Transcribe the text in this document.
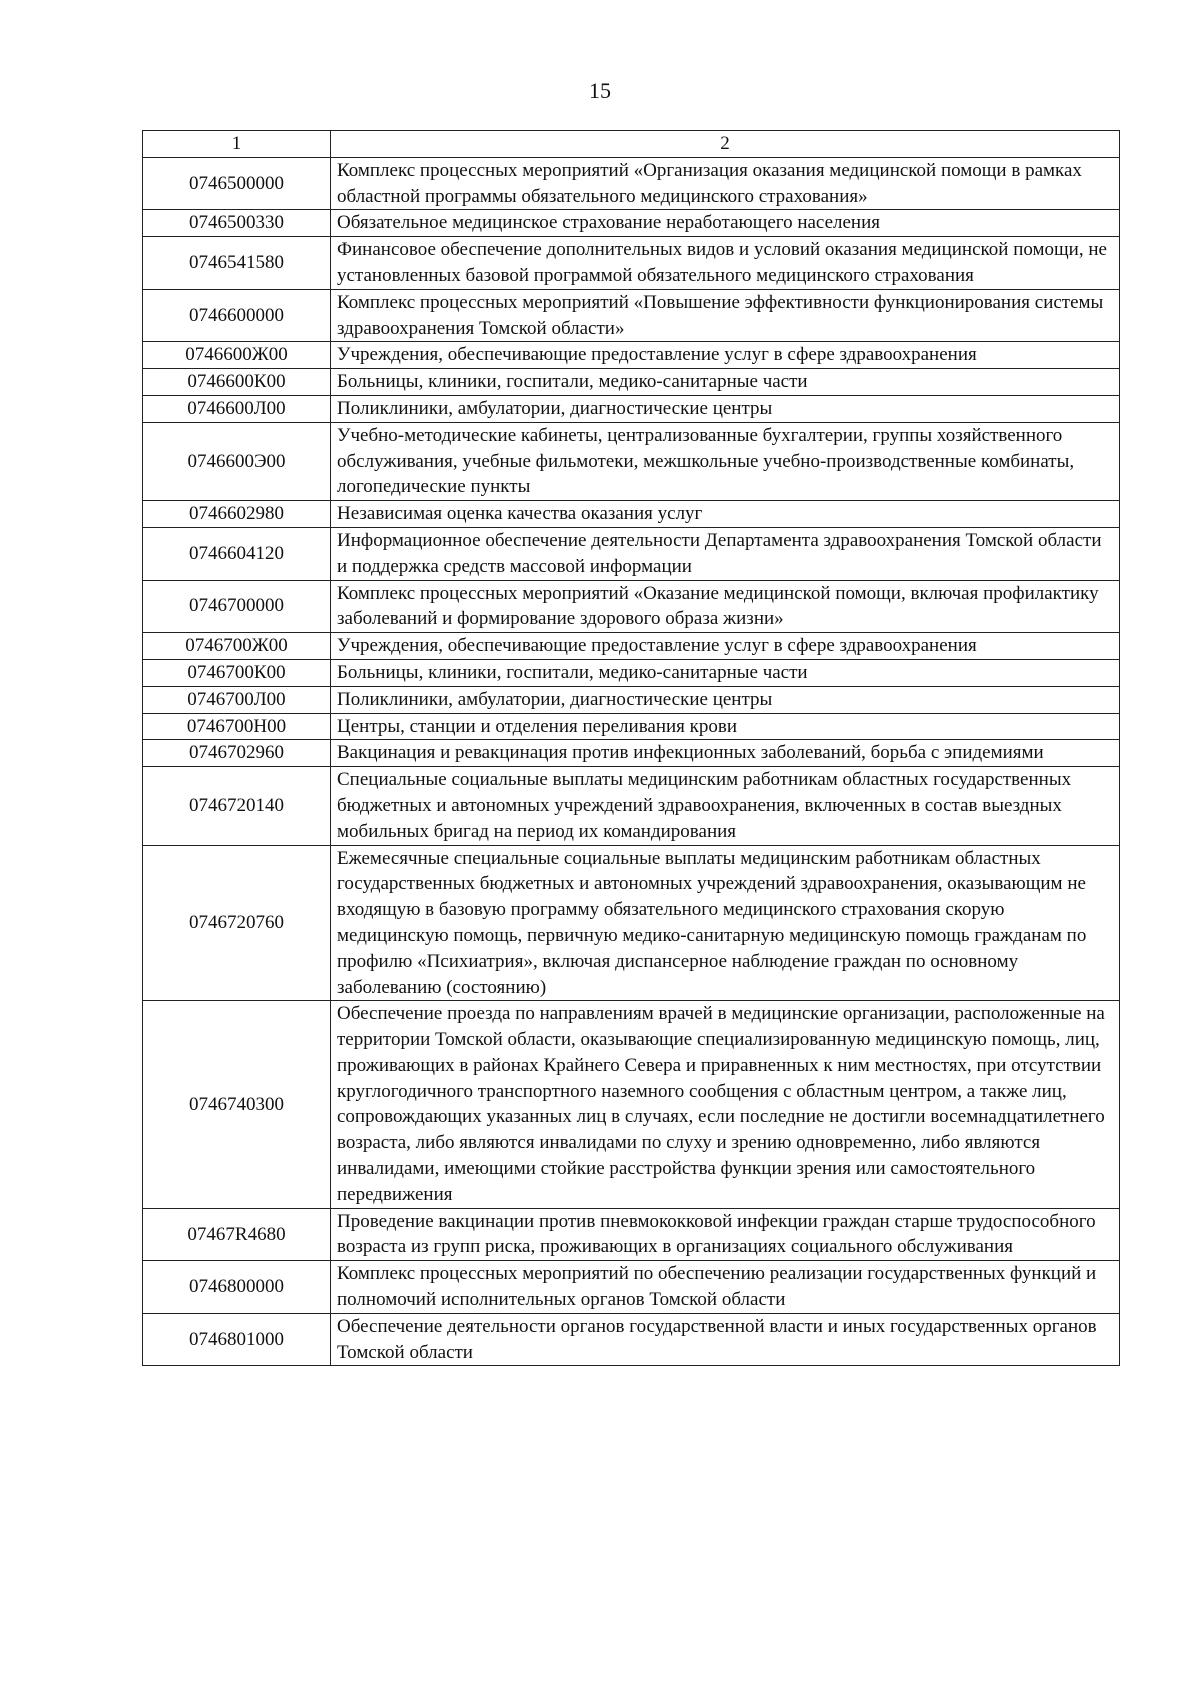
15
1	2
0746500000	Комплекс процессных мероприятий «Организация оказания медицинской помощи в рамках областной программы обязательного медицинского страхования»
0746500330	Обязательное медицинское страхование неработающего населения
0746541580	Финансовое обеспечение дополнительных видов и условий оказания медицинской помощи, не установленных базовой программой обязательного медицинского страхования
0746600000	Комплекс процессных мероприятий «Повышение эффективности функционирования системы здравоохранения Томской области»
0746600Ж00	Учреждения, обеспечивающие предоставление услуг в сфере здравоохранения
0746600К00	Больницы, клиники, госпитали, медико-санитарные части
0746600Л00	Поликлиники, амбулатории, диагностические центры
0746600Э00	Учебно-методические кабинеты, централизованные бухгалтерии, группы хозяйственного обслуживания, учебные фильмотеки, межшкольные учебно-производственные комбинаты, логопедические пункты
0746602980	Независимая оценка качества оказания услуг
0746604120	Информационное обеспечение деятельности Департамента здравоохранения Томской области и поддержка средств массовой информации
0746700000	Комплекс процессных мероприятий «Оказание медицинской помощи, включая профилактику заболеваний и формирование здорового образа жизни»
0746700Ж00	Учреждения, обеспечивающие предоставление услуг в сфере здравоохранения
0746700К00	Больницы, клиники, госпитали, медико-санитарные части
0746700Л00	Поликлиники, амбулатории, диагностические центры
0746700Н00	Центры, станции и отделения переливания крови
0746702960	Вакцинация и ревакцинация против инфекционных заболеваний, борьба с эпидемиями
0746720140	Специальные социальные выплаты медицинским работникам областных государственных бюджетных и автономных учреждений здравоохранения, включенных в состав выездных мобильных бригад на период их командирования
0746720760	Ежемесячные специальные социальные выплаты медицинским работникам областных государственных бюджетных и автономных учреждений здравоохранения, оказывающим не входящую в базовую программу обязательного медицинского страхования скорую медицинскую помощь, первичную медико-санитарную медицинскую помощь гражданам по профилю «Психиатрия», включая диспансерное наблюдение граждан по основному заболеванию (состоянию)
0746740300	Обеспечение проезда по направлениям врачей в медицинские организации, расположенные на территории Томской области, оказывающие специализированную медицинскую помощь, лиц, проживающих в районах Крайнего Севера и приравненных к ним местностях, при отсутствии круглогодичного транспортного наземного сообщения с областным центром, а также лиц, сопровождающих указанных лиц в случаях, если последние не достигли восемнадцатилетнего возраста, либо являются инвалидами по слуху и зрению одновременно, либо являются инвалидами, имеющими стойкие расстройства функции зрения или самостоятельного передвижения
07467R4680	Проведение вакцинации против пневмококковой инфекции граждан старше трудоспособного возраста из групп риска, проживающих в организациях социального обслуживания
0746800000	Комплекс процессных мероприятий по обеспечению реализации государственных функций и полномочий исполнительных органов Томской области
0746801000	Обеспечение деятельности органов государственной власти и иных государственных органов Томской области
